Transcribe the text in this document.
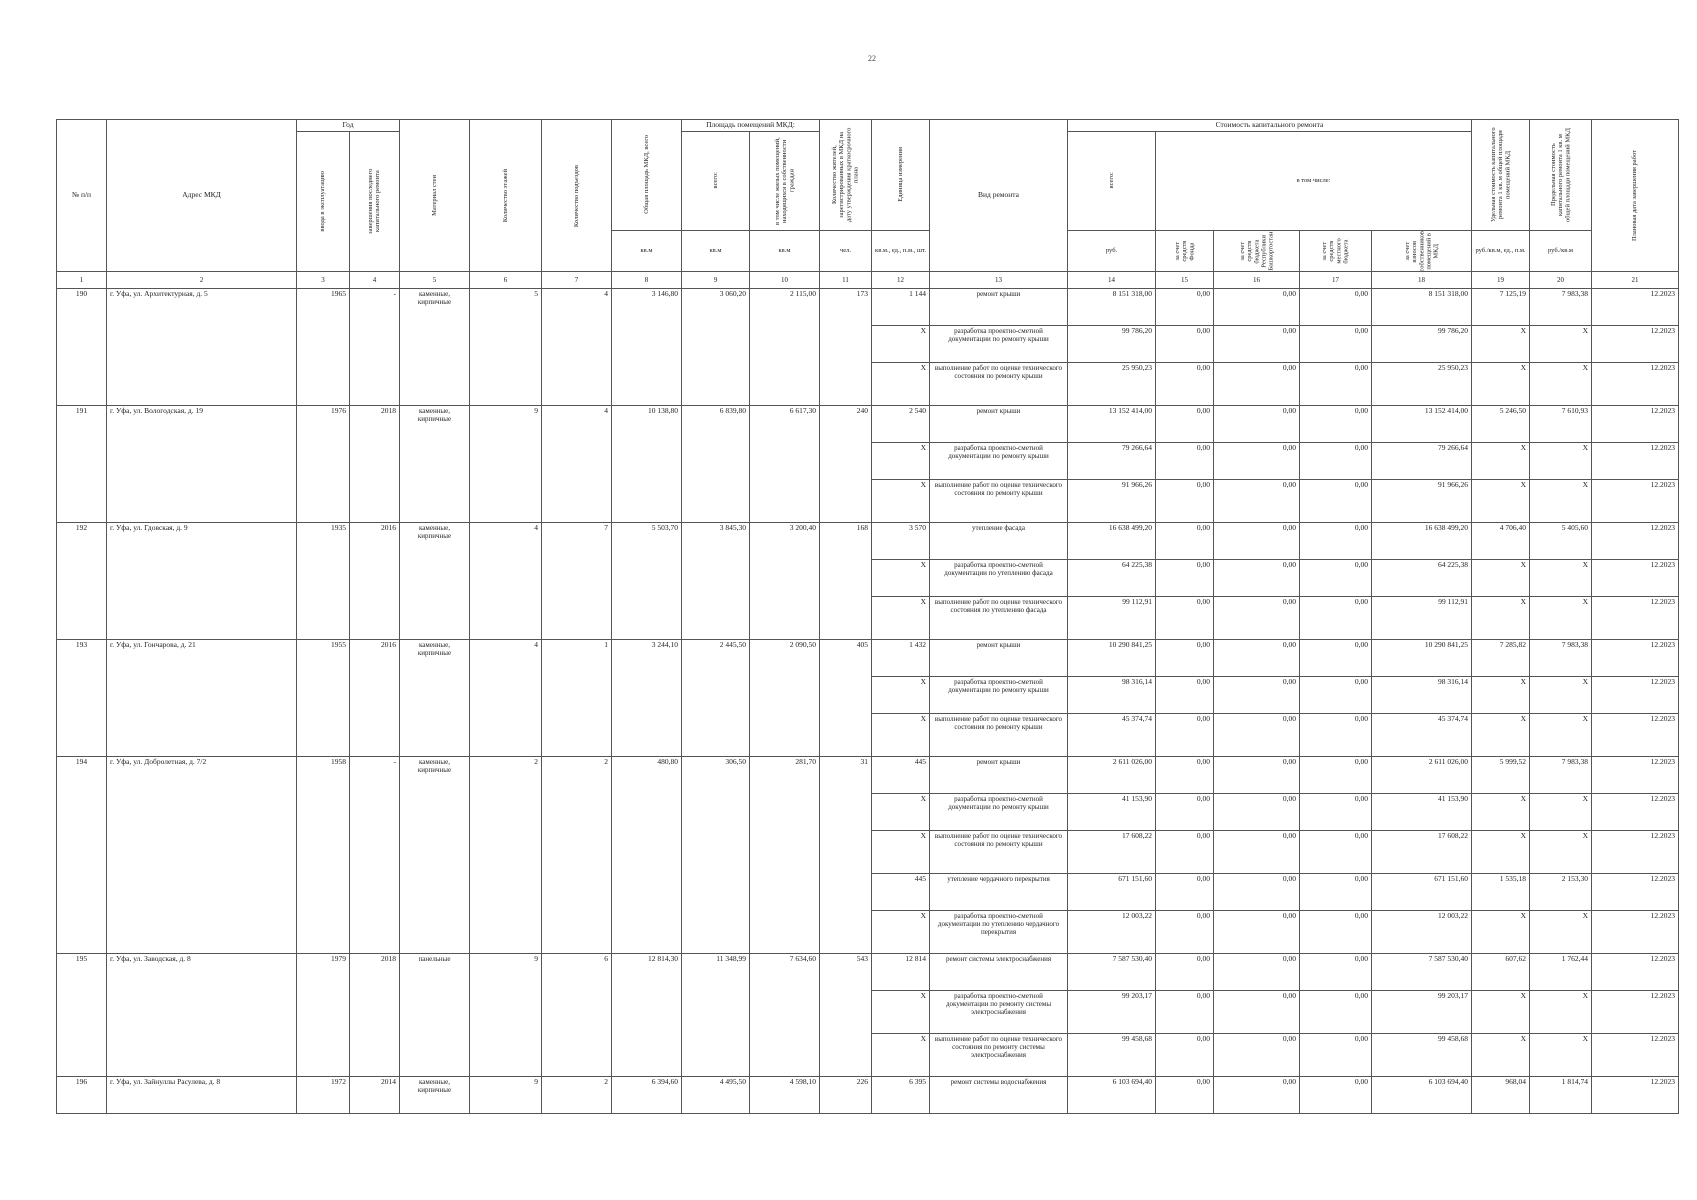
22
№ п/п	Адрес МКД	Год		Материал стен	Количество этажей	Количество подъездов	Общая площадь МКД, всего	Площадь помещений МКД:		Количество жителей, зарегистрированных в МКД на дату утверждения краткосрочного плана	Единица измерения	Вид ремонта	Стоимость капитального ремонта					Удельная стоимость капитального ремонта 1 кв. м общей площади помещений МКД	Предельная стоимость капитального ремонта 1 кв. м общей площади помещений МКД	Плановая дата завершения работ

		ввода в эксплуатацию	завершения последнего капитального ремонта					всего:	в том числе жилых помещений, находящихся в собственности граждан				всего:	в том числе:						
							кв.м	кв.м	кв.м	чел.	кв.м., ед., п.м., шт.		руб.	за счет средств Фонда	за счет средств бюджета Республики Башкортостан	за счет средств местного бюджета	за счет взносов собственников помещений в МКД	руб./кв.м, ед., п.м.	руб./кв.м	
1	2	3	4	5	6	7	8	9	10	11	12	13	14	15	16	17	18	19	20	21
190	г. Уфа, ул. Архитектурная, д. 5	1965	-	каменные, кирпичные	5	4	3 146,80	3 060,20	2 115,00	173	1 144	ремонт крыши	8 151 318,00	0,00	0,00	0,00	8 151 318,00	7 125,19	7 983,38	12.2023
											X	разработка проектно-сметной документации по ремонту крыши	99 786,20	0,00	0,00	0,00	99 786,20	X	X	12.2023
											X	выполнение работ по оценке технического состояния по ремонту крыши	25 950,23	0,00	0,00	0,00	25 950,23	X	X	12.2023
191	г. Уфа, ул. Вологодская, д. 19	1976	2018	каменные, кирпичные	9	4	10 138,80	6 839,80	6 617,30	240	2 540	ремонт крыши	13 152 414,00	0,00	0,00	0,00	13 152 414,00	5 246,50	7 610,93	12.2023
											X	разработка проектно-сметной документации по ремонту крыши	79 266,64	0,00	0,00	0,00	79 266,64	X	X	12.2023
											X	выполнение работ по оценке технического состояния по ремонту крыши	91 966,26	0,00	0,00	0,00	91 966,26	X	X	12.2023
192	г. Уфа, ул. Гдовская, д. 9	1935	2016	каменные, кирпичные	4	7	5 503,70	3 845,30	3 200,40	168	3 570	утепление фасада	16 638 499,20	0,00	0,00	0,00	16 638 499,20	4 706,40	5 405,60	12.2023
											X	разработка проектно-сметной документации по утеплению фасада	64 225,38	0,00	0,00	0,00	64 225,38	X	X	12.2023
											X	выполнение работ по оценке технического состояния по утеплению фасада	99 112,91	0,00	0,00	0,00	99 112,91	X	X	12.2023
193	г. Уфа, ул. Гончарова, д. 21	1955	2016	каменные, кирпичные	4	1	3 244,10	2 445,50	2 090,50	405	1 432	ремонт крыши	10 290 841,25	0,00	0,00	0,00	10 290 841,25	7 285,82	7 983,38	12.2023
											X	разработка проектно-сметной документации по ремонту крыши	98 316,14	0,00	0,00	0,00	98 316,14	X	X	12.2023
											X	выполнение работ по оценке технического состояния по ремонту крыши	45 374,74	0,00	0,00	0,00	45 374,74	X	X	12.2023
194	г. Уфа, ул. Добролетная, д. 7/2	1958	-	каменные, кирпичные	2	2	480,80	306,50	281,70	31	445	ремонт крыши	2 611 026,00	0,00	0,00	0,00	2 611 026,00	5 999,52	7 983,38	12.2023
											X	разработка проектно-сметной документации по ремонту крыши	41 153,90	0,00	0,00	0,00	41 153,90	X	X	12.2023
											X	выполнение работ по оценке технического состояния по ремонту крыши	17 608,22	0,00	0,00	0,00	17 608,22	X	X	12.2023
											445	утепление чердачного перекрытия	671 151,60	0,00	0,00	0,00	671 151,60	1 535,18	2 153,30	12.2023
											X	разработка проектно-сметной документации по утеплению чердачного перекрытия	12 003,22	0,00	0,00	0,00	12 003,22	X	X	12.2023
195	г. Уфа, ул. Заводская, д. 8	1979	2018	панельные	9	6	12 814,30	11 348,99	7 634,60	543	12 814	ремонт системы электроснабжения	7 587 530,40	0,00	0,00	0,00	7 587 530,40	607,62	1 762,44	12.2023
											X	разработка проектно-сметной документации по ремонту системы электроснабжения	99 203,17	0,00	0,00	0,00	99 203,17	X	X	12.2023
											X	выполнение работ по оценке технического состояния по ремонту системы электроснабжения	99 458,68	0,00	0,00	0,00	99 458,68	X	X	12.2023
196	г. Уфа, ул. Зайнуллы Расулева, д. 8	1972	2014	каменные, кирпичные	9	2	6 394,60	4 495,50	4 598,10	226	6 395	ремонт системы водоснабжения	6 103 694,40	0,00	0,00	0,00	6 103 694,40	968,04	1 814,74	12.2023
